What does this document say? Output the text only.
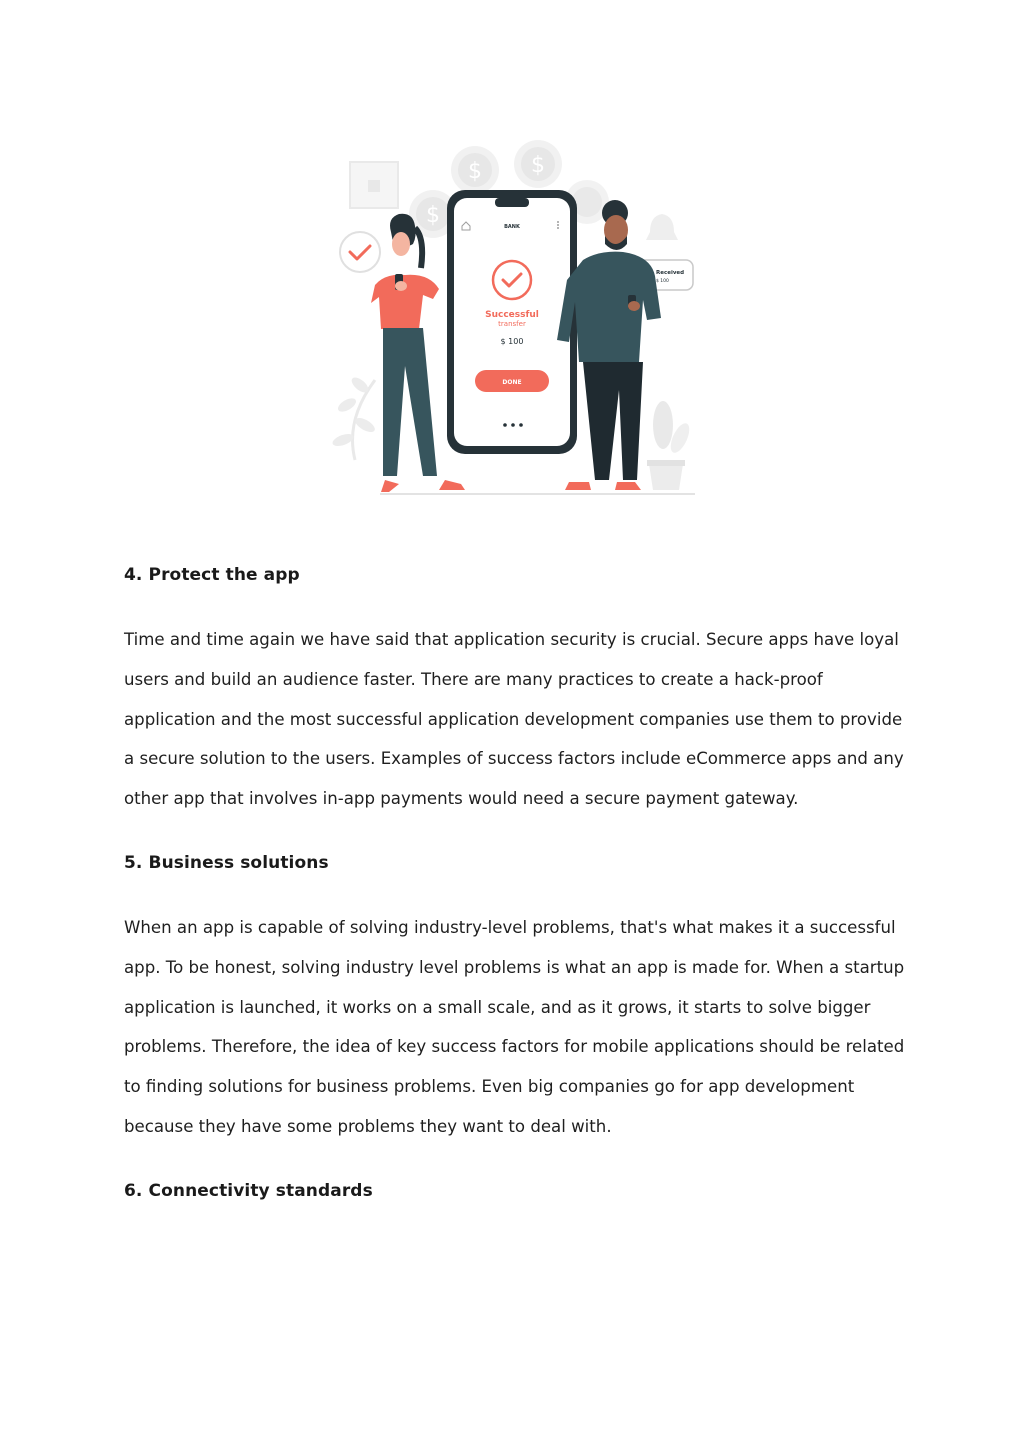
$ $
$	BANK
Successful
transfer
$ 100
DONE
Received
$ 100
4. Protect the app

Time and time again we have said that application security is crucial. Secure apps have loyal users and build an audience faster. There are many practices to create a hack-proof application and the most successful application development companies use them to provide a secure solution to the users. Examples of success factors include eCommerce apps and any other app that involves in-app payments would need a secure payment gateway.

5. Business solutions

When an app is capable of solving industry-level problems, that's what makes it a successful app. To be honest, solving industry level problems is what an app is made for. When a startup application is launched, it works on a small scale, and as it grows, it starts to solve bigger problems. Therefore, the idea of key success factors for mobile applications should be related to finding solutions for business problems. Even big companies go for app development because they have some problems they want to deal with.

6. Connectivity standards
